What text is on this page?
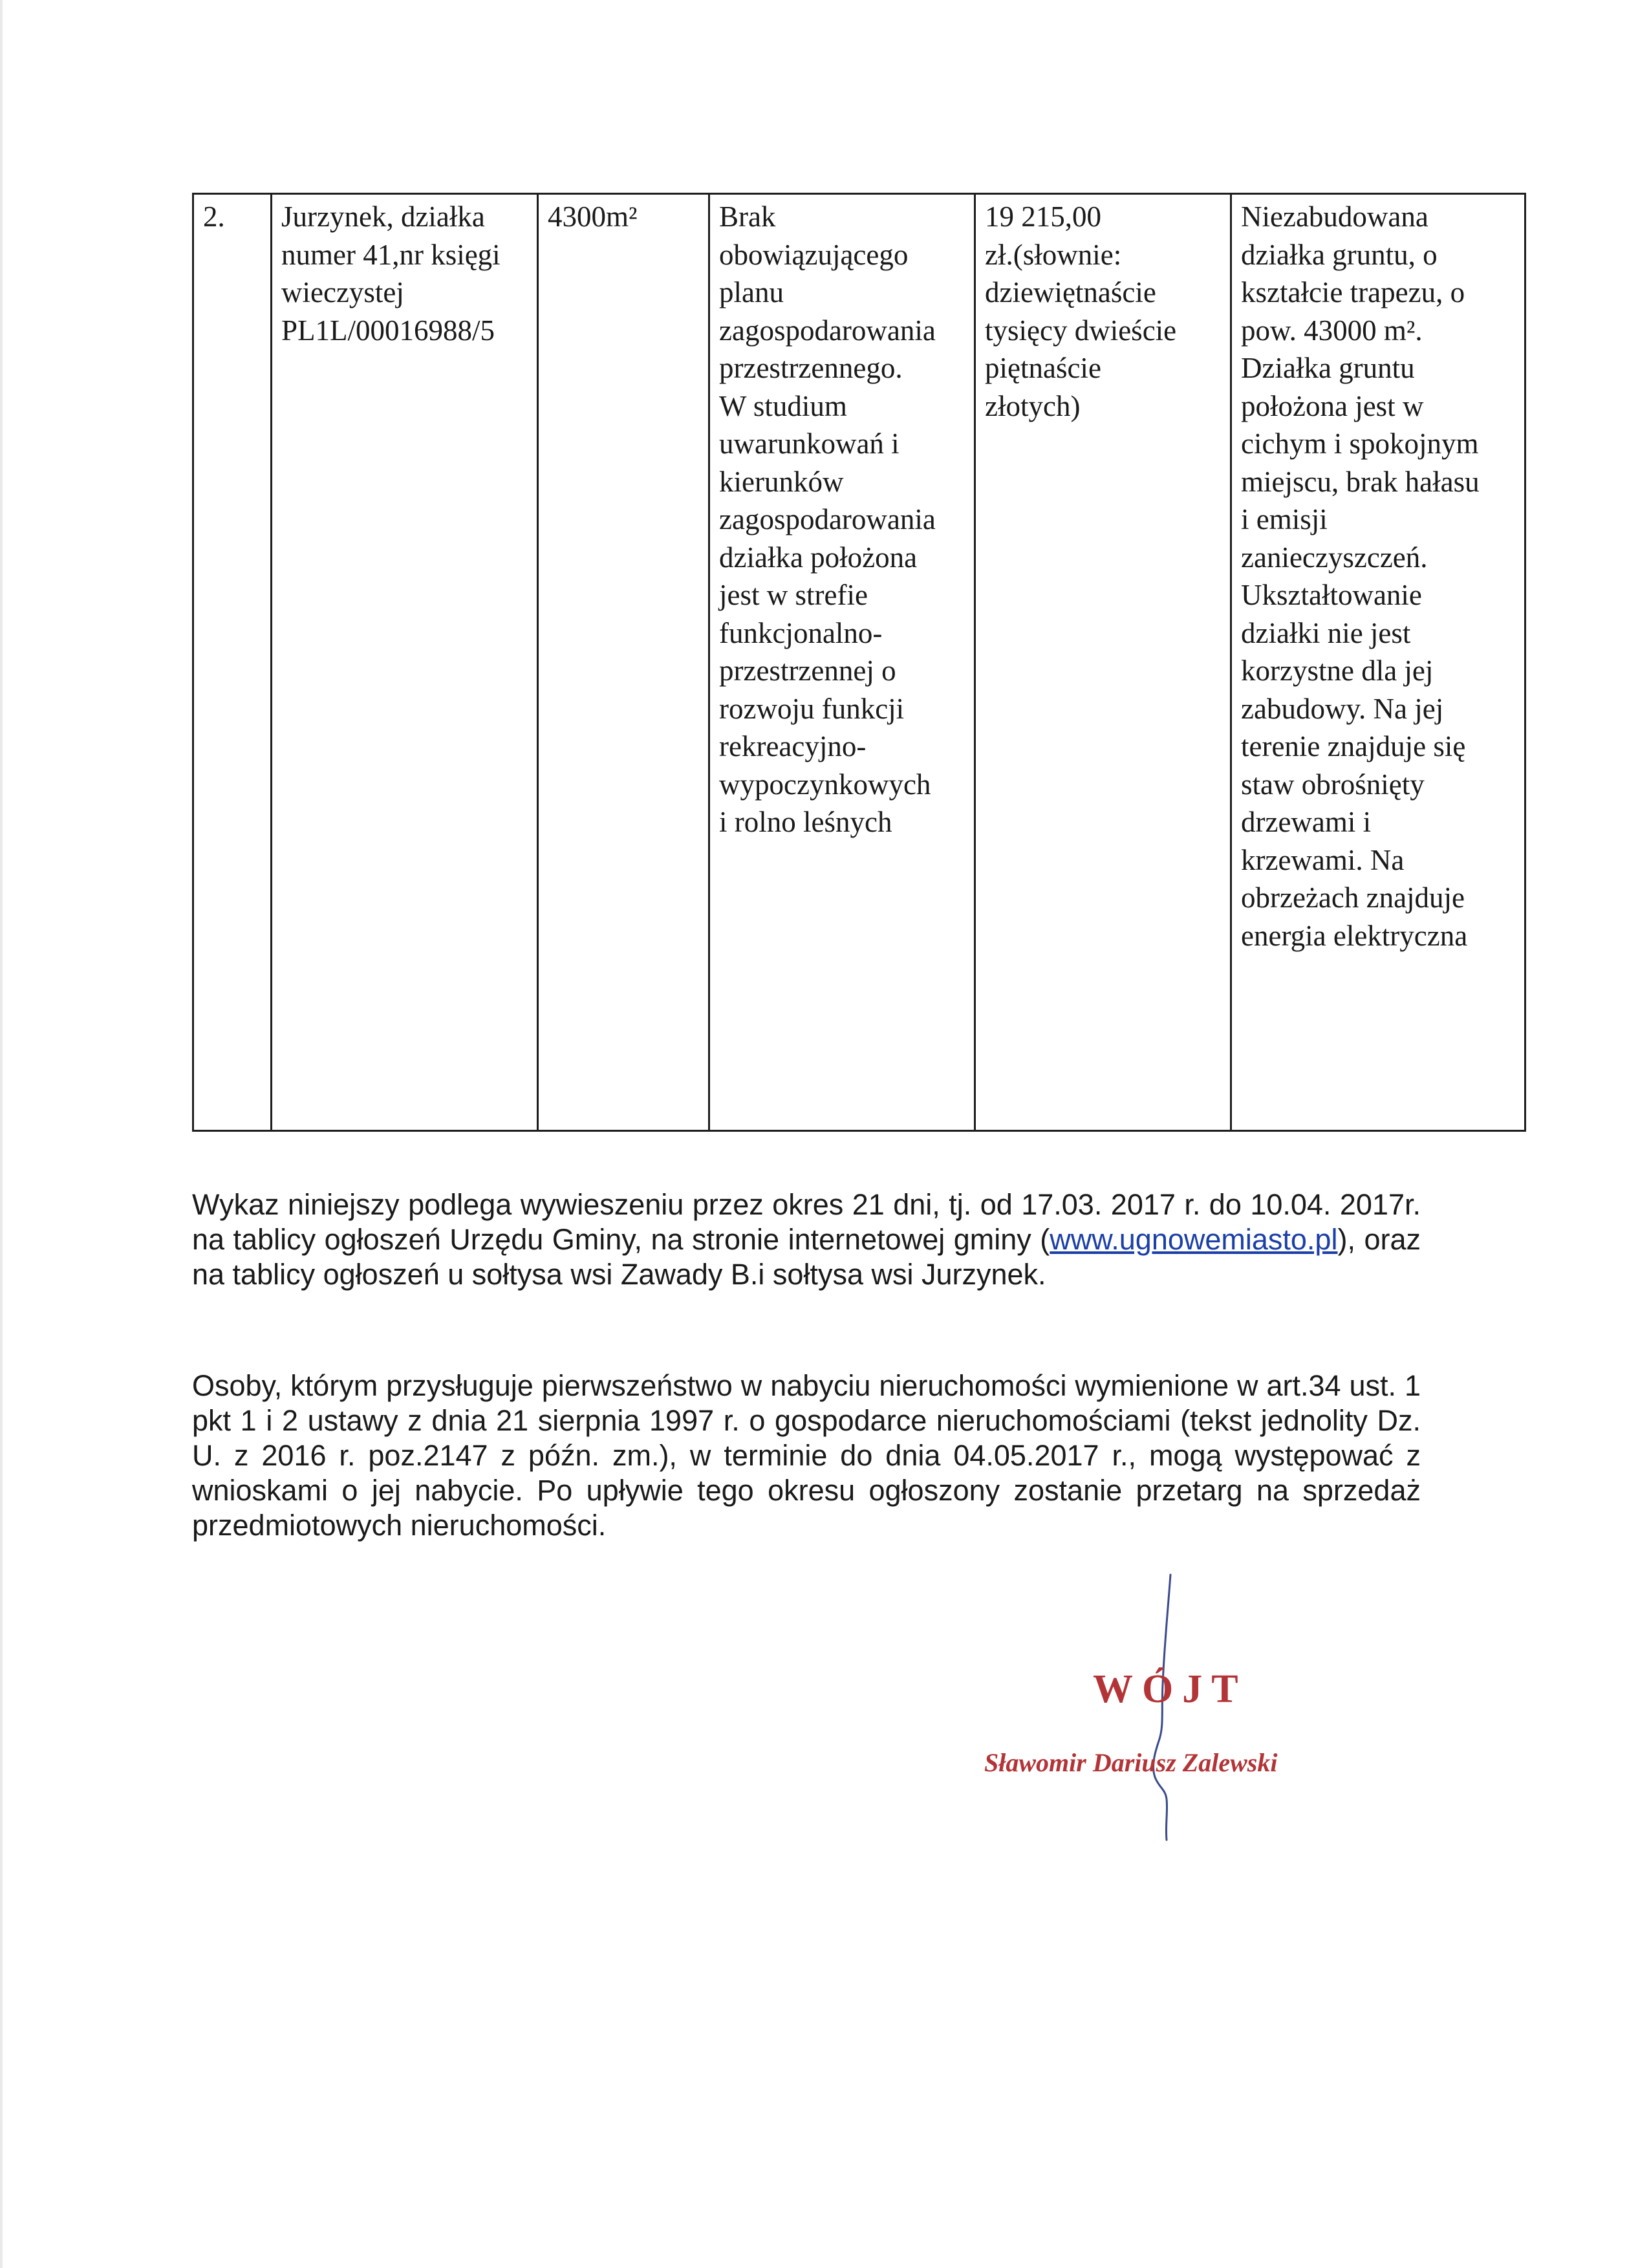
2.	Jurzynek, działka
numer 41,nr księgi
wieczystej
PL1L/00016988/5	4300m²	Brak
obowiązującego
planu
zagospodarowania
przestrzennego.
W studium
uwarunkowań i
kierunków
zagospodarowania
działka położona
jest w strefie
funkcjonalno-
przestrzennej o
rozwoju funkcji
rekreacyjno-
wypoczynkowych
i rolno leśnych	19 215,00
zł.(słownie:
dziewiętnaście
tysięcy dwieście
piętnaście
złotych)	Niezabudowana
działka gruntu, o
kształcie trapezu, o
pow. 43000 m².
Działka gruntu
położona jest w
cichym i spokojnym
miejscu, brak hałasu
i emisji
zanieczyszczeń.
Ukształtowanie
działki nie jest
korzystne dla jej
zabudowy. Na jej
terenie znajduje się
staw obrośnięty
drzewami i
krzewami. Na
obrzeżach znajduje
energia elektryczna

Wykaz niniejszy podlega wywieszeniu przez okres 21 dni, tj. od 17.03. 2017 r. do 10.04. 2017r. na tablicy ogłoszeń Urzędu Gminy, na stronie internetowej gminy (www.ugnowemiasto.pl), oraz na tablicy ogłoszeń u sołtysa wsi Zawady B.i sołtysa wsi Jurzynek.

Osoby, którym przysługuje pierwszeństwo w nabyciu nieruchomości wymienione w art.34 ust. 1 pkt 1 i 2 ustawy z dnia 21 sierpnia 1997 r. o gospodarce nieruchomościami (tekst jednolity Dz. U. z 2016 r. poz.2147 z późn. zm.), w terminie do dnia 04.05.2017 r., mogą występować z wnioskami o jej nabycie. Po upływie tego okresu ogłoszony zostanie przetarg na sprzedaż przedmiotowych nieruchomości.

WÓJT

Sławomir Dariusz Zalewski
